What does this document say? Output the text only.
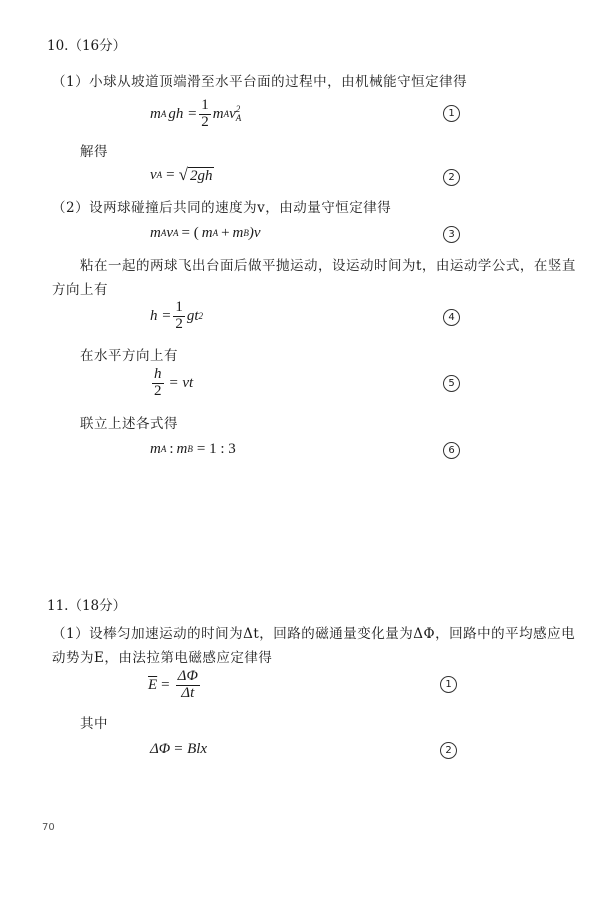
10.（16分）
（1）小球从坡道顶端滑至水平台面的过程中，由机械能守恒定律得
m A gh = $\frac{1}{2}$ m A v 2
A	1
解得
v A = √ 2gh	2
（2）设两球碰撞后共同的速度为v，由动量守恒定律得
m A v A = ( m A + m B )v	3
粘在一起的两球飞出台面后做平抛运动，设运动时间为t，由运动学公式，在竖直
方向上有
$h = \frac{1}{2}$ gt 2	4
在水平方向上有
$\frac{h}{2}$ = vt	5
联立上述各式得
m A : m B = 1 : 3	6
11.（18分）
（1）设棒匀加速运动的时间为Δt，回路的磁通量变化量为ΔΦ，回路中的平均感应电
动势为E，由法拉第电磁感应定律得
$\overline{E} = \frac{\Delta\Phi}{\Delta t}$	1
其中
ΔΦ = Blx	2
70
